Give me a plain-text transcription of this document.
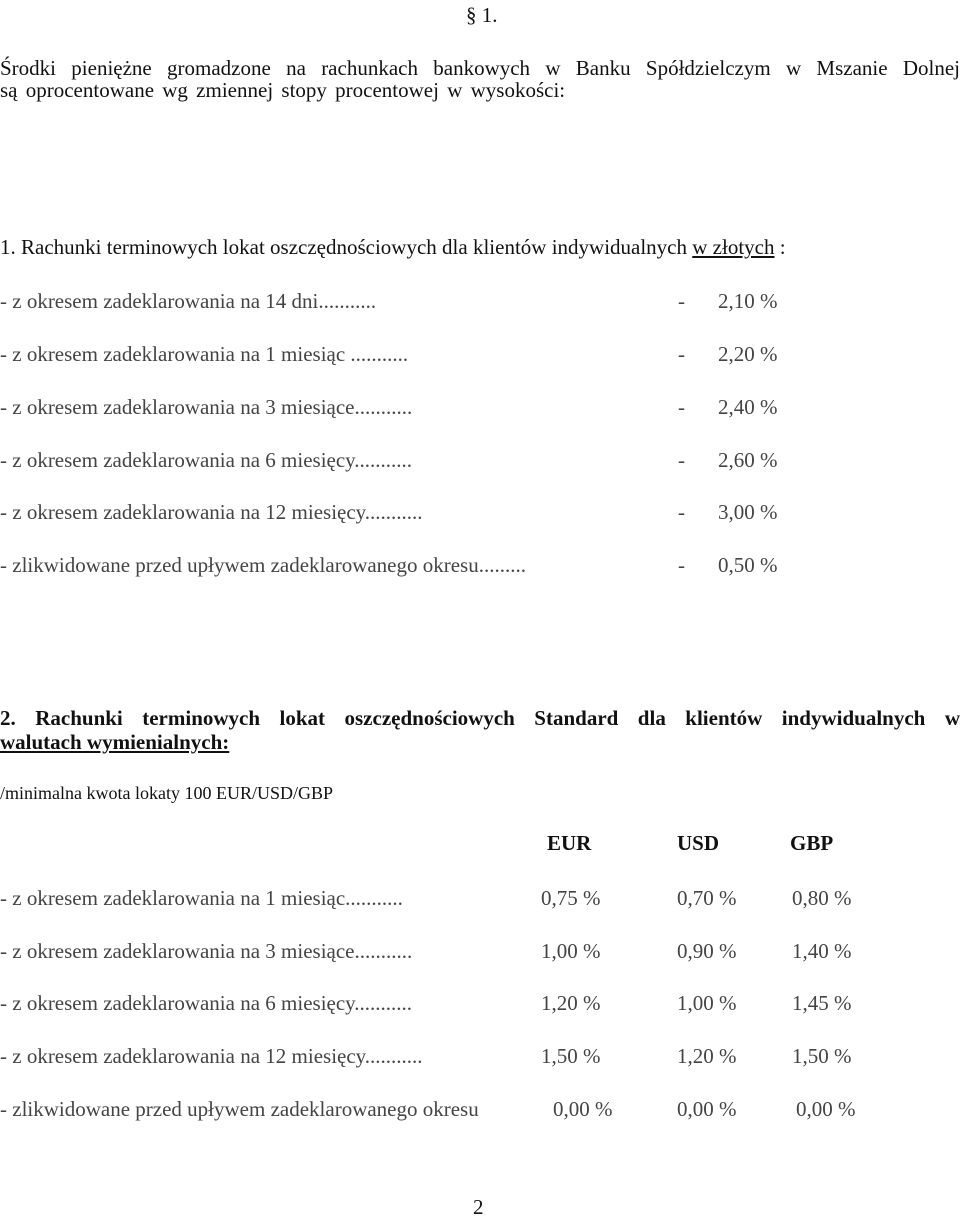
§ 1.
Środki pieniężne gromadzone na rachunkach bankowych w Banku Spółdzielczym w Mszanie Dolnej
są oprocentowane wg zmiennej stopy procentowej w wysokości:
1. Rachunki terminowych lokat oszczędnościowych dla klientów indywidualnych w złotych :
- z okresem zadeklarowania na 14 dni...........	- 2,10 %
- z okresem zadeklarowania na 1 miesiąc ...........	- 2,20 %
- z okresem zadeklarowania na 3 miesiące...........	- 2,40 %
- z okresem zadeklarowania na 6 miesięcy...........	- 2,60 %
- z okresem zadeklarowania na 12 miesięcy...........	- 3,00 %
- zlikwidowane przed upływem zadeklarowanego okresu.........	- 0,50 %
2. Rachunki terminowych lokat oszczędnościowych Standard dla klientów indywidualnych w
walutach wymienialnych:
/minimalna kwota lokaty 100 EUR/USD/GBP
EUR	USD	GBP
- z okresem zadeklarowania na 1 miesiąc...........	0,75 %	0,70 %	0,80 %
- z okresem zadeklarowania na 3 miesiące...........	1,00 %	0,90 %	1,40 %
- z okresem zadeklarowania na 6 miesięcy...........	1,20 %	1,00 %	1,45 %
- z okresem zadeklarowania na 12 miesięcy...........	1,50 %	1,20 %	1,50 %
- zlikwidowane przed upływem zadeklarowanego okresu	0,00 %	0,00 %	0,00 %
2
